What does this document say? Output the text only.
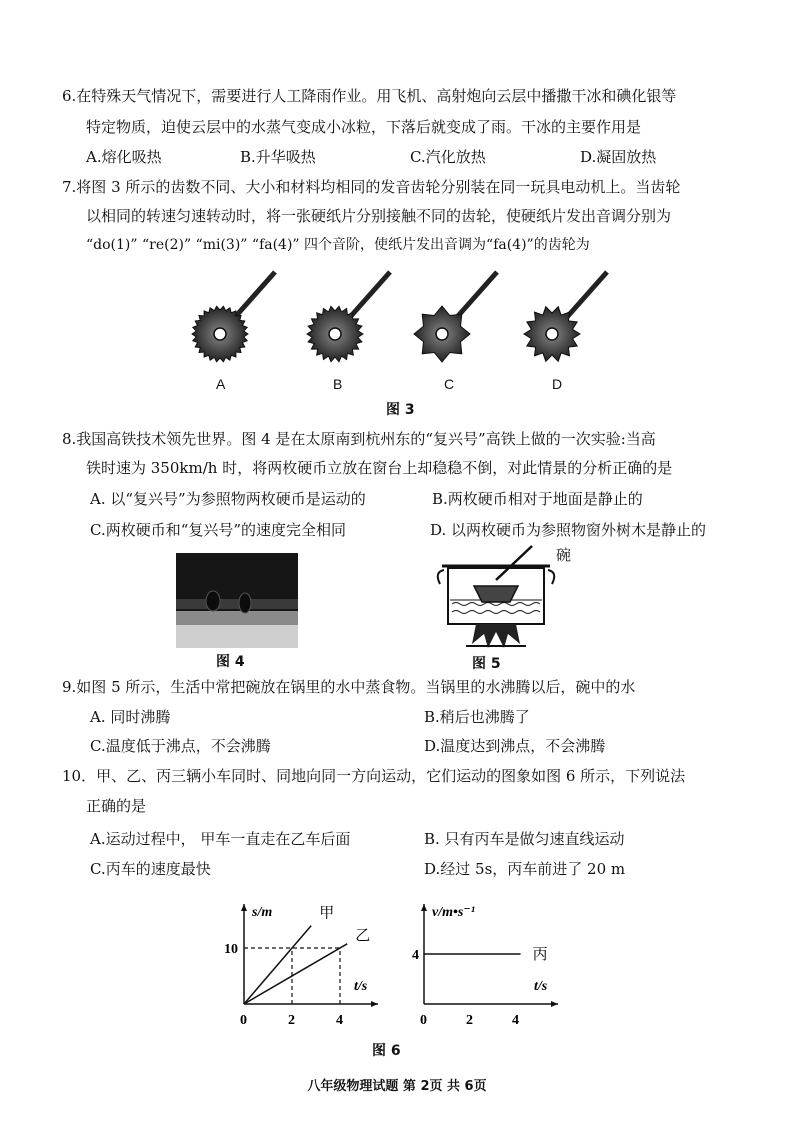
6.在特殊天气情况下，需要进行人工降雨作业。用飞机、高射炮向云层中播撒干冰和碘化银等
特定物质，迫使云层中的水蒸气变成小冰粒，下落后就变成了雨。干冰的主要作用是
A.熔化吸热	B.升华吸热	C.汽化放热	D.凝固放热
7.将图 3 所示的齿数不同、大小和材料均相同的发音齿轮分别装在同一玩具电动机上。当齿轮
以相同的转速匀速转动时，将一张硬纸片分别接触不同的齿轮，使硬纸片发出音调分别为
“do(1)” “re(2)” “mi(3)” “fa(4)” 四个音阶，使纸片发出音调为“fa(4)”的齿轮为
A	B	C	D
图 3
8.我国高铁技术领先世界。图 4 是在太原南到杭州东的“复兴号”高铁上做的一次实验:当高
铁时速为 350km/h 时，将两枚硬币立放在窗台上却稳稳不倒，对此情景的分析正确的是
A. 以“复兴号”为参照物两枚硬币是运动的	B.两枚硬币相对于地面是静止的
C.两枚硬币和“复兴号”的速度完全相同	D. 以两枚硬币为参照物窗外树木是静止的
图 4
碗
图 5
9.如图 5 所示，生活中常把碗放在锅里的水中蒸食物。当锅里的水沸腾以后，碗中的水
A. 同时沸腾	B.稍后也沸腾了
C.温度低于沸点，不会沸腾	D.温度达到沸点，不会沸腾
10．甲、乙、丙三辆小车同时、同地向同一方向运动，它们运动的图象如图 6 所示，下列说法
正确的是
A.运动过程中， 甲车一直走在乙车后面	B. 只有丙车是做匀速直线运动
C.丙车的速度最快	D.经过 5s，丙车前进了 20 m
s/m
t/s
0	2	4
10
甲
乙
v/m•s⁻¹
t/s
0	2	4
4	丙
图 6
八年级物理试题 第 2页 共 6页
